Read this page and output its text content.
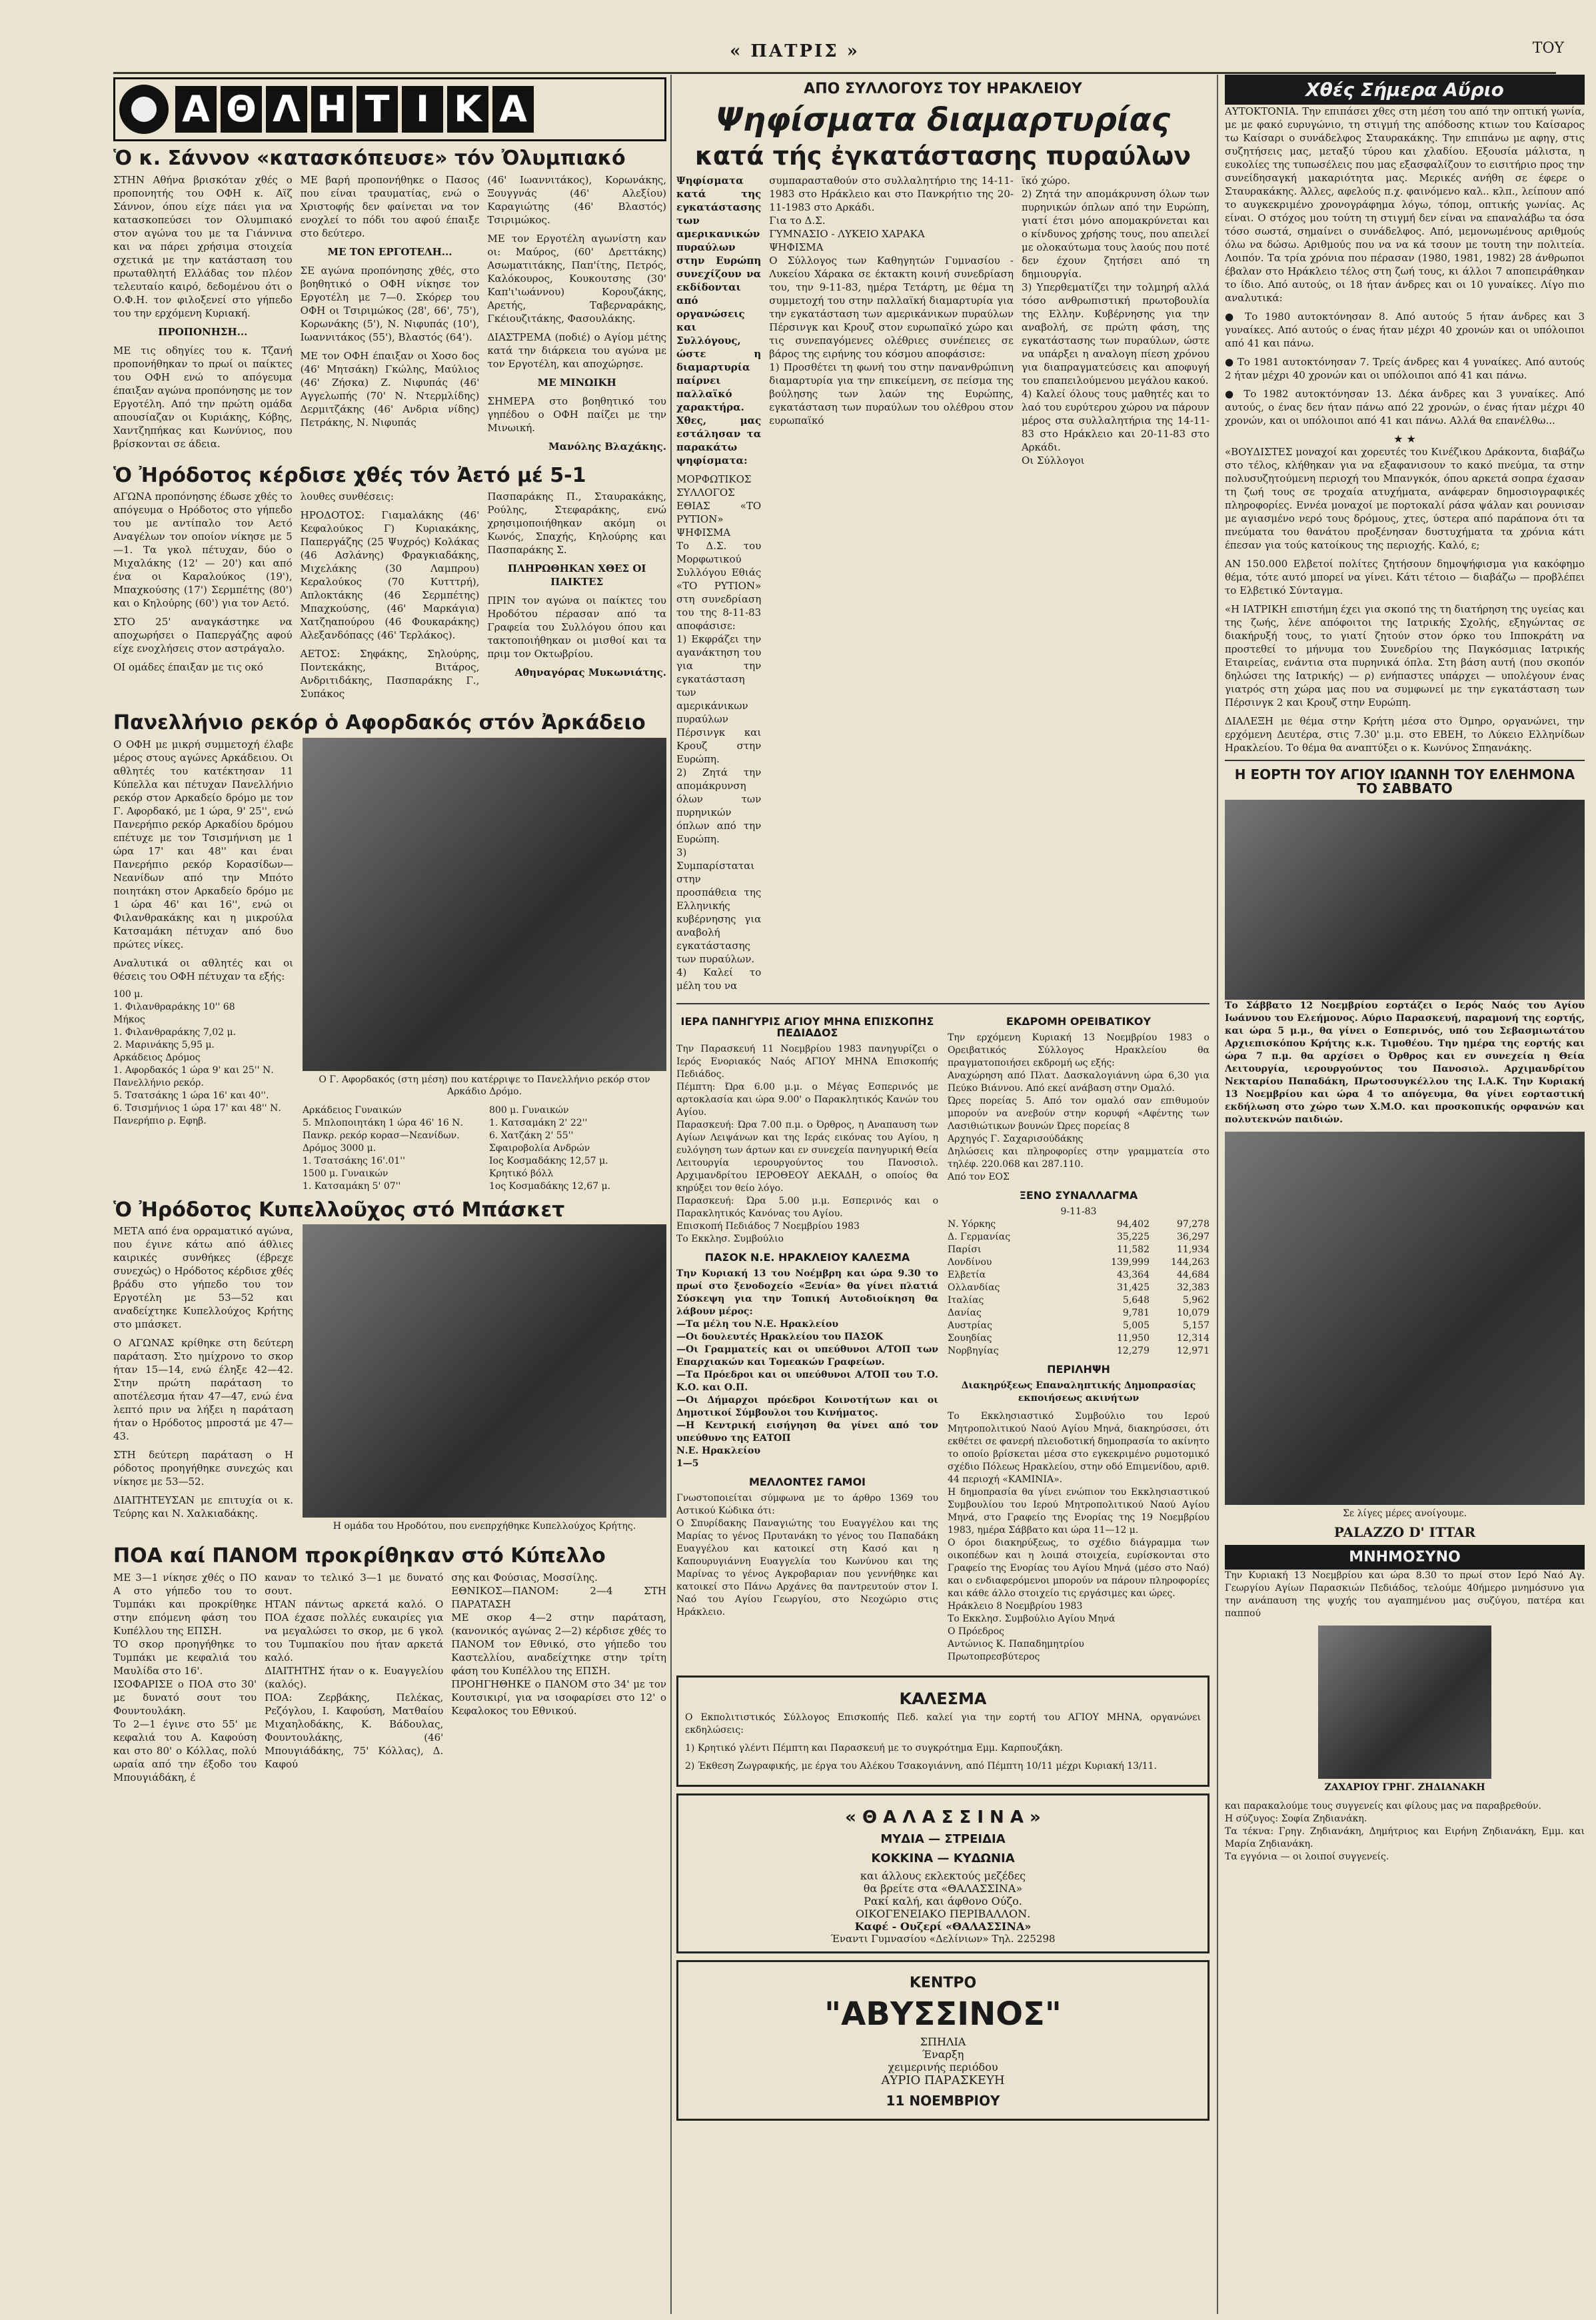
« ΠΑΤΡΙΣ »	ΤΟΥ
Α Θ Λ Η Τ Ι Κ Α
Ὁ κ. Σάννον «κατασκόπευσε» τόν Ὀλυμπιακό

ΣΤΗΝ Αθήνα βρισκόταν χθές ο προπονητής του ΟΦΗ κ. Αϊζ Σάννον, όπου είχε πάει για να κατασκοπεύσει τον Ολυμπιακό στον αγώνα του με τα Γιάννινα και να πάρει χρήσιμα στοιχεία σχετικά με την κατάσταση του πρωταθλητή Ελλάδας τον πλέον τελευταίο καιρό, δεδομένου ότι ο Ο.Φ.Η. τον φιλοξενεί στο γήπεδο του την ερχόμενη Κυριακή.

ΠΡΟΠΟΝΗΣΗ...

ΜΕ τις οδηγίες του κ. Τζανή προπονήθηκαν το πρωί οι παίκτες του ΟΦΗ ενώ το απόγευμα έπαιξαν αγώνα προπόνησης με τον Εργοτέλη. Από την πρώτη ομάδα απουσίαζαν οι Κυριάκης, Κόβης, Χαντζηπήκας και Κωνύνιος, που βρίσκονται σε άδεια.

ΜΕ βαρή προπονήθηκε ο Πασος που είναι τραυματίας, ενώ ο Χριστοφής δεν φαίνεται να τον ενοχλεί το πόδι του αφού έπαιξε στο δεύτερο.

ΜΕ ΤΟΝ ΕΡΓΟΤΕΛΗ...

ΣΕ αγώνα προπόνησης χθές, στο βοηθητικό ο ΟΦΗ νίκησε τον Εργοτέλη με 7—0. Σκόρερ του ΟΦΗ οι Τσιριμώκος (28', 66', 75'), Κορωνάκης (5'), Ν. Νιφυπάς (10'), Ιωαννιτάκος (55'), Βλαστός (64').

ΜΕ τον ΟΦΗ έπαιξαν οι Χοσο δος (46' Μητσάκη) Γκώλης, Μαύλιος (46' Ζήσκα) Ζ. Νιφυπάς (46' Αγγελωπής (70' Ν. Ντερμλίδης) Δερμιτζάκης (46' Ανδρια νίδης) Πετράκης, Ν. Νιφυπάς

(46' Ιωαννιτάκος), Κορωνάκης, Ξουγγνάς (46' Αλεξίου) Καραγιώτης (46' Βλαστός) Τσιριμώκος.

ΜΕ τον Εργοτέλη αγωνίστη καν οι: Μαύρος, (60' Δρεττάκης) Ασωματιτάκης, Παπ'ίτης, Πετρός, Καλόκουρος, Κουκουτσης (30' Καπ'ι'ιωάννου) Κορουζάκης, Αρετής, Ταβερναράκης, Γκέιουζιτάκης, Φασουλάκης.

ΔΙΑΣΤΡΕΜΑ (ποδιέ) ο Αγίομ μέτης κατά την διάρκεια του αγώνα με τον Εργοτέλη, και αποχώρησε.

ΜΕ ΜΙΝΩΙΚΗ

ΣΗΜΕΡΑ στο βοηθητικό του γηπέδου ο ΟΦΗ παίζει με την Μινωική.

Μανόλης Βλαχάκης.

Ὁ Ἠρόδοτος κέρδισε χθές τόν Ἀετό μέ 5-1

ΑΓΩΝΑ προπόνησης έδωσε χθές το απόγευμα ο Ηρόδοτος στο γήπεδο του με αντίπαλο τον Αετό Αναγέλων τον οποίον νίκησε με 5—1. Τα γκολ πέτυχαν, δύο ο Μιχαλάκης (12' — 20') και από ένα οι Καραλούκος (19'), Μπαχκούσης (17') Σερμπέτης (80') και ο Κηλούρης (60') για τον Αετό.

ΣΤΟ 25' αναγκάστηκε να αποχωρήσει ο Παπεργάζης αφού είχε ενοχλήσεις στον αστράγαλο.

ΟΙ ομάδες έπαιξαν με τις οκό

λουθες συνθέσεις:

ΗΡΟΔΟΤΟΣ: Γιαμαλάκης (46' Κεφαλούκος Γ) Κυριακάκης, Παπεργάζης (25 Ψυχρός) Κολάκας (46 Ασλάνης) Φραγκιαδάκης, Μιχελάκης (30 Λαμπρου) Κεραλούκος (70 Κυτττρή), Απλοκτάκης (46 Σερμπέτης) Μπαχκούσης, (46' Μαρκάγια) Χατζηαπούρου (46 Φουκαράκης) Αλεξανδόπαςς (46' Τερλάκος).

ΑΕΤΟΣ: Σηφάκης, Σηλούρης, Ποντεκάκης, Βιτάρος, Ανδριτιδάκης, Πασπαράκης Γ., Συπάκος

Πασπαράκης Π., Σταυρακάκης, Ρούλης, Στεφαράκης, ενώ χρησιμοποιήθηκαν ακόμη οι Κωνός, Σπαχής, Κηλούρης και Πασπαράκης Σ.

ΠΛΗΡΩΘΗΚΑΝ ΧΘΕΣ ΟΙ ΠΑΙΚΤΕΣ

ΠΡΙΝ τον αγώνα οι παίκτες του Ηροδότου πέρασαν από τα Γραφεία του Συλλόγου όπου και τακτοποιήθηκαν οι μισθοί και τα πριμ τον Οκτωβρίου.

Αθηναγόρας Μυκωνιάτης.

Πανελλήνιο ρεκόρ ὁ Αφορδακός στόν Ἀρκάδειο

Ο ΟΦΗ με μικρή συμμετοχή έλαβε μέρος στους αγώνες Αρκάδειου. Οι αθλητές του κατέκτησαν 11 Κύπελλα και πέτυχαν Πανελλήνιο ρεκόρ στον Αρκαδείο δρόμο με τον Γ. Αφορδακό, με 1 ώρα, 9' 25'', ενώ Πανερήπιο ρεκόρ Αρκαδίου δρόμου επέτυχε με τον Τσισμήνιση με 1 ώρα 17' και 48'' και έναι Πανερήπιο ρεκόρ Κορασίδων—Νεανίδων από την Μπότο ποιητάκη στον Αρκαδείο δρόμο με 1 ώρα 46' και 16'', ενώ οι Φιλανθρακάκης και η μικρούλα Κατσαμάκη πέτυχαν από δυο πρώτες νίκες.

Αναλυτικά οι αθλητές και οι θέσεις του ΟΦΗ πέτυχαν τα εξής:

100 μ.
1. Φιλανθραράκης 10'' 68
Μήκος
1. Φιλανθραράκης 7,02 μ.
2. Μαρινάκης 5,95 μ.
Αρκάδειος Δρόμος
1. Αφορδακός 1 ώρα 9' και 25'' Ν. Πανελλήνιο ρεκόρ.
5. Τσατσάκης 1 ώρα 16' και 40''.
6. Τσισμήνιος 1 ώρα 17' και 48'' Ν. Πανερήπιο ρ. Εφηβ.

Ο Γ. Αφορδακός (στη μέση) που κατέρριψε το Πανελλήνιο ρεκόρ στον Αρκάδιο Δρόμο.

Αρκάδειος Γυναικών
5. Μπλοποιητάκη 1 ώρα 46' 16 Ν. Πανκρ. ρεκόρ κορασ—Νεανίδων.
Δρόμος 3000 μ.
1. Τσατσάκης 16'.01''
1500 μ. Γυναικών
1. Κατσαμάκη 5' 07''
800 μ. Γυναικών
1. Κατσαμάκη 2' 22''
6. Χατζάκη 2' 55''
Σφαιροβολία Ανδρών
Ιος Κοσμαδάκης 12,57 μ.
Κρητικό βόλλ
1ος Κοσμαδάκης 12,67 μ.
Ὁ Ἠρόδοτος Κυπελλοῦχος στό Μπάσκετ

ΜΕΤΑ από ένα ορραματικό αγώνα, που έγινε κάτω από άθλιες καιρικές συνθήκες (έβρεχε συνεχώς) ο Ηρόδοτος κέρδισε χθές βράδυ στο γήπεδο του τον Εργοτέλη με 53—52 και αναδείχτηκε Κυπελλούχος Κρήτης στο μπάσκετ.

Ο ΑΓΩΝΑΣ κρίθηκε στη δεύτερη παράταση. Στο ημίχρονο το σκορ ήταν 15—14, ενώ έληξε 42—42. Στην πρώτη παράταση το αποτέλεσμα ήταν 47—47, ενώ ένα λεπτό πριν να λήξει η παράταση ήταν ο Ηρόδοτος μπροστά με 47—43.

ΣΤΗ δεύτερη παράταση ο Η ρόδοτος προηγήθηκε συνεχώς και νίκησε με 53—52.

ΔΙΑΙΤΗΤΕΥΣΑΝ με επιτυχία οι κ. Τεύρης και Ν. Χαλκιαδάκης.

Η ομάδα του Ηροδότου, που ενεπρχήθηκε Κυπελλούχος Κρήτης.

ΠΟΑ καί ΠΑΝΟΜ προκρίθηκαν στό Κύπελλο

ΜΕ 3—1 νίκησε χθές ο ΠΟ Α στο γήπεδο του το Τυμπάκι και προκρίθηκε στην επόμενη φάση του Κυπέλλου της ΕΠΣΗ.
ΤΟ σκορ προηγήθηκε το Τυμπάκι με κεφαλιά του Μαυλίδα στο 16'.
ΙΣΟΦΑΡΙΣΕ ο ΠΟΑ στο 30' με δυνατό σουτ του Φουντουλάκη.
Το 2—1 έγινε στο 55' με κεφαλιά του Α. Καφούση και στο 80' ο Κόλλας, πολύ ωραία από την έξοδο του Μπουγιάδάκη, έ

καναν το τελικό 3—1 με δυνατό σουτ.
ΗΤΑΝ πάντως αρκετά καλό. Ο ΠΟΑ έχασε πολλές ευκαιρίες για να μεγαλώσει το σκορ, με 6 γκολ του Τυμπακίου που ήταν αρκετά καλό.
ΔΙΑΙΤΗΤΗΣ ήταν ο κ. Ευαγγελίου (καλός).
ΠΟΑ: Ζερβάκης, Πελέκας, Ρεζόγλου, Ι. Καφούση, Ματθαίου Μιχαηλοδάκης, Κ. Βάδουλας, Φουντουλάκης, (46' Μπουγιάδάκης, 75' Κόλλας), Δ. Καφού

σης και Φούσιας, Μοσσίλης.
ΕΘΝΙΚΟΣ—ΠΑΝΟΜ: 2—4 ΣΤΗ ΠΑΡΑΤΑΣΗ
ΜΕ σκορ 4—2 στην παράταση, (κανονικός αγώνας 2—2) κέρδισε χθές το ΠΑΝΟΜ τον Εθνικό, στο γήπεδο του Καστελλίου, αναδείχτηκε στην τρίτη φάση του Κυπέλλου της ΕΠΣΗ.
ΠΡΟΗΓΗΘΗΚΕ ο ΠΑΝΟΜ στο 34' με τον Κουτσικιρί, για να ισοφαρίσει στο 12' ο Κεφαλοκος του Εθνικού.

ΑΠΟ ΣΥΛΛΟΓΟΥΣ ΤΟΥ ΗΡΑΚΛΕΙΟΥ
Ψηφίσματα διαμαρτυρίας
κατά τής ἐγκατάστασης πυραύλων

Ψηφίσματα κατά της εγκατάστασης των αμερικανικών πυραύλων στην Ευρώπη συνεχίζουν να εκδίδονται από οργανώσεις και Συλλόγους, ώστε η διαμαρτυρία παίρνει παλλαϊκό χαρακτήρα. Χθες, μας εστάλησαν τα παρακάτω ψηφίσματα:

ΜΟΡΦΩΤΙΚΟΣ ΣΥΛΛΟΓΟΣ ΕΘΙΑΣ «ΤΟ ΡΥΤΙΟΝ»
ΨΗΦΙΣΜΑ
Το Δ.Σ. του Μορφωτικού Συλλόγου Εθιάς «ΤΟ ΡΥΤΙΟΝ» στη συνεδρίαση του της 8-11-83 αποφάσισε:
1) Εκφράζει την αγανάκτηση του για την εγκατάσταση των αμερικάνικων πυραύλων Πέρσινγκ και Κρουζ στην Ευρώπη.
2) Ζητά την απομάκρυνση όλων των πυρηνικών όπλων από την Ευρώπη.
3) Συμπαρίσταται στην προσπάθεια της Ελληνικής κυβέρνησης για αναβολή εγκατάστασης των πυραύλων.
4) Καλεί το μέλη του να

συμπαρασταθούν στο συλλαλητήριο της 14-11-1983 στο Ηράκλειο και στο Πανκρήτιο της 20-11-1983 στο Αρκάδι.
Για το Δ.Σ.
ΓΥΜΝΑΣΙΟ - ΛΥΚΕΙΟ ΧΑΡΑΚΑ
ΨΗΦΙΣΜΑ
Ο Σύλλογος των Καθηγητών Γυμνασίου - Λυκείου Χάρακα σε έκτακτη κοινή συνεδρίαση του, την 9-11-83, ημέρα Τετάρτη, με θέμα τη συμμετοχή του στην παλλαϊκή διαμαρτυρία για την εγκατάσταση των αμερικάνικων πυραύλων Πέρσινγκ και Κρουζ στον ευρωπαϊκό χώρο και τις συνεπαγόμενες ολέθριες συνέπειες σε βάρος της ειρήνης του κόσμου αποφάσισε:
1) Προσθέτει τη φωνή του στην πανανθρώπινη διαμαρτυρία για την επικείμενη, σε πείσμα της βούλησης των λαών της Ευρώπης, εγκατάσταση των πυραύλων του ολέθρου στον ευρωπαϊκό

ϊκό χώρο.
2) Ζητά την απομάκρυνση όλων των πυρηνικών όπλων από την Ευρώπη, γιατί έτσι μόνο απομακρύνεται και ο κίνδυνος χρήσης τους, που απειλεί με ολοκαύτωμα τους λαούς που ποτέ δεν έχουν ζητήσει από τη δημιουργία.
3) Υπερθεματίζει την τολμηρή αλλά τόσο ανθρωπιστική πρωτοβουλία της Ελλην. Κυβέρνησης για την αναβολή, σε πρώτη φάση, της εγκατάστασης των πυραύλων, ώστε να υπάρξει η αναλογη πίεση χρόνου για διαπραγματεύσεις και αποφυγή του επαπειλούμενου μεγάλου κακού.
4) Καλεί όλους τους μαθητές και το λαό του ευρύτερου χώρου να πάρουν μέρος στα συλλαλητήρια της 14-11-83 στο Ηράκλειο και 20-11-83 στο Αρκάδι.
Οι Σύλλογοι

ΙΕΡΑ ΠΑΝΗΓΥΡΙΣ ΑΓΙΟΥ ΜΗΝΑ ΕΠΙΣΚΟΠΗΣ ΠΕΔΙΑΔΟΣ

Την Παρασκευή 11 Νοεμβρίου 1983 πανηγυρίζει ο Ιερός Ενοριακός Ναός ΑΓΙΟΥ ΜΗΝΑ Επισκοπής Πεδιάδος.
Πέμπτη: Ώρα 6.00 μ.μ. ο Μέγας Εσπερινός με αρτοκλασία και ώρα 9.00' ο Παρακλητικός Κανών του Αγίου.
Παρασκευή: Ώρα 7.00 π.μ. ο Όρθρος, η Αναπαυση των Αγίων Λειψάνων και της Ιεράς εικόνας του Αγίου, η ευλόγηση των άρτων και εν συνεχεία πανηγυρική Θεία Λειτουργία ιερουργούντος του Πανοσιολ. Αρχιμανδρίτου ΙΕΡΟΘΕΟΥ ΑΕΚΑΔΗ, ο οποίος θα κηρύξει τον θείο λόγο.
Παρασκευή: Ώρα 5.00 μ.μ. Εσπερινός και ο Παρακλητικός Κανόνας του Αγίου.
Επισκοπή Πεδιάδος 7 Νοεμβρίου 1983
Το Εκκλησ. Συμβούλιο

ΠΑΣΟΚ Ν.Ε. ΗΡΑΚΛΕΙΟΥ ΚΑΛΕΣΜΑ

Την Κυριακή 13 του Νοέμβρη και ώρα 9.30 το πρωί στο ξενοδοχείο «Ξενία» θα γίνει πλατιά Σύσκεψη για την Τοπική Αυτοδιοίκηση θα λάβουν μέρος:
—Τα μέλη του Ν.Ε. Ηρακλείου
—Οι δουλευτές Ηρακλείου του ΠΑΣΟΚ
—Οι Γραμματείς και οι υπεύθυνοι Α/ΤΟΠ των Επαρχιακών και Τομεακών Γραφείων.
—Τα Πρόεδροι και οι υπεύθυνοι Α/ΤΟΠ του Τ.Ο. Κ.Ο. και Ο.Π.
—Οι Δήμαρχοι πρόεδροι Κοινοτήτων και οι Δημοτικοί Σύμβουλοι του Κινήματος.
—Η Κεντρική εισήγηση θα γίνει από τον υπεύθυνο της ΕΑΤΟΠ
Ν.Ε. Ηρακλείου
1—5

ΜΕΛΛΟΝΤΕΣ ΓΑΜΟΙ

Γνωστοποιείται σύμφωνα με το άρθρο 1369 του Αστικού Κώδικα ότι:
Ο Σπυρίδακης Παναγιώτης του Ευαγγέλου και της Μαρίας το γένος Πρυτανάκη το γένος του Παπαδάκη Ευαγγέλου και κατοικεί στη Κασό και η Καπουρυγιάννη Ευαγγελία του Κωνύνου και της Μαρίνας το γένος Αγκροβαριαν που γεννήθηκε και κατοικεί στο Πάνω Αρχάνες θα παντρευτούν στον Ι. Ναό του Αγίου Γεωργίου, στο Νεοχώριο στις Ηράκλειο.

ΕΚΔΡΟΜΗ ΟΡΕΙΒΑΤΙΚΟΥ

Την ερχόμενη Κυριακή 13 Νοεμβρίου 1983 ο Ορειβατικός Σύλλογος Ηρακλείου θα πραγματοποιήσει εκδρομή ως εξής:
Αναχώρηση από Πλατ. Δασκαλογιάννη ώρα 6,30 για Πεύκο Βιάννου. Από εκεί ανάβαση στην Ομαλό.
Ώρες πορείας 5. Από τον ομαλό σαν επιθυμούν μπορούν να ανεβούν στην κορυφή «Αφέντης των Λασιθιώτικων βουνών Ώρες πορείας 8
Αρχηγός Γ. Σαχαρισούδάκης
Δηλώσεις και πληροφορίες στην γραμματεία στο τηλέφ. 220.068 και 287.110.
Από τον ΕΟΣ

ΞΕΝΟ ΣΥΝΑΛΛΑΓΜΑ
9-11-83
Ν. Υόρκης	94,402	97,278
Δ. Γερμανίας	35,225	36,297
Παρίσι	11,582	11,934
Λονδίνου	139,999	144,263
Ελβετία	43,364	44,684
Ολλανδίας	31,425	32,383
Ιταλίας	5,648	5,962
Δανίας	9,781	10,079
Αυστρίας	5,005	5,157
Σουηδίας	11,950	12,314
Νορβηγίας	12,279	12,971
ΠΕΡΙΛΗΨΗ

Διακηρύξεως Επαναληπτικής Δημοπρασίας εκποιήσεως ακινήτων

Το Εκκλησιαστικό Συμβούλιο του Ιερού Μητροπολιτικού Ναού Αγίου Μηνά, διακηρύσσει, ότι εκθέτει σε φανερή πλειοδοτική δημοπρασία το ακίνητο το οποίο βρίσκεται μέσα στο εγκεκριμένο ρυμοτομικό σχέδιο Πόλεως Ηρακλείου, στην οδό Επιμενίδου, αριθ. 44 περιοχή «ΚΑΜΙΝΙΑ».
Η δημοπρασία θα γίνει ενώπιον του Εκκλησιαστικού Συμβουλίου του Ιερού Μητροπολιτικού Ναού Αγίου Μηνά, στο Γραφείο της Ενορίας της 19 Νοεμβρίου 1983, ημέρα Σάββατο και ώρα 11—12 μ.
Ο όροι διακηρύξεως, το σχέδιο διάγραμμα των οικοπέδων και η λοιπά στοιχεία, ευρίσκονται στο Γραφείο της Ενορίας του Αγίου Μηνά (μέσο στο Ναό) και ο ενδιαφερόμενοι μπορούν να πάρουν πληροφορίες και κάθε άλλο στοιχείο τις εργάσιμες και ώρες.
Ηράκλειο 8 Νοεμβρίου 1983
Το Εκκλησ. Συμβούλιο Αγίου Μηνά
Ο Πρόεδρος
Αντώνιος Κ. Παπαδημητρίου
Πρωτοπρεσβύτερος

ΚΑΛΕΣΜΑ

Ο Εκπολιτιστικός Σύλλογος Επισκοπής Πεδ. καλεί για την εορτή του ΑΓΙΟΥ ΜΗΝΑ, οργανώνει εκδηλώσεις:

1) Κρητικό γλέντι Πέμπτη και Παρασκευή με το συγκρότημα Εμμ. Καρπουζάκη.

2) Έκθεση Ζωγραφικής, με έργα του Αλέκου Τσακογιάννη, από Πέμπτη 10/11 μέχρι Κυριακή 13/11.

« Θ Α Λ Α Σ Σ Ι Ν Α »
ΜΥΔΙΑ — ΣΤΡΕΙΔΙΑ
ΚΟΚΚΙΝΑ — ΚΥΔΩΝΙΑ
και άλλους εκλεκτούς μεζέδες
θα βρείτε στα «ΘΑΛΑΣΣΙΝΑ»
Ρακί καλή, και άφθονο Ούζο.
ΟΙΚΟΓΕΝΕΙΑΚΟ ΠΕΡΙΒΑΛΛΟΝ.
Καφέ - Ουζερί «ΘΑΛΑΣΣΙΝΑ»
Έναντι Γυμνασίου «Δελίνιων» Τηλ. 225298
ΚΕΝΤΡΟ
"ΑΒΥΣΣΙΝΟΣ"
ΣΠΗΛΙΑ
Έναρξη
χειμερινής περιόδου
ΑΥΡΙΟ ΠΑΡΑΣΚΕΥΗ
11 ΝΟΕΜΒΡΙΟΥ
Χθές Σήμερα Αὔριο

ΑΥΤΟΚΤΟΝΙΑ. Την επιπάσει χθες στη μέση του από την οπτική γωνία, με με φακό ευρυγώνιο, τη στιγμή της απόδοσης κτιων του Καίσαρος τω Καίσαρι ο συνάδελφος Σταυρακάκης. Την επιπάνω με αφηγ, στις συζητήσεις μας, μεταξύ τύρου και χλαδίου. Εξουσία μάλιστα, η ευκολίες της τυπωσέλεις που μας εξασφαλίζουν το εισιτήριο προς την συνείδησαγκή μακαριότητα μας. Μερικές ανήθη σε έφερε ο Σταυρακάκης. Άλλες, αφελούς π.χ. φαινόμενο καλ.. κλπ., λείπουν από το αυγκεκριμένο χρονογράφημα λόγω, τόπομ, οπτικής γωνίας. Ας είναι. Ο στόχος μου τούτη τη στιγμή δεν είναι να επαναλάβω τα όσα τόσο σωστά, σημαίνει ο συνάδελφος. Από, μεμονωμένους αριθμούς όλω να δώσω. Αριθμούς που να να κά τσουν με τουτη την πολιτεία. Λοιπόν. Τα τρία χρόνια που πέρασαν (1980, 1981, 1982) 28 άνθρωποι έβαλαν στο Ηράκλειο τέλος στη ζωή τους, κι άλλοι 7 αποπειράθηκαν το ίδιο. Από αυτούς, οι 18 ήταν άνδρες και οι 10 γυναίκες. Λίγο πιο αναλυτικά:

● Το 1980 αυτοκτόνησαν 8. Από αυτούς 5 ήταν άνδρες και 3 γυναίκες. Από αυτούς ο ένας ήταν μέχρι 40 χρονών και οι υπόλοιποι από 41 και πάνω.

● Το 1981 αυτοκτόνησαν 7. Τρείς άνδρες και 4 γυναίκες. Από αυτούς 2 ήταν μέχρι 40 χρονών και οι υπόλοιποι από 41 και πάνω.

● Το 1982 αυτοκτόνησαν 13. Δέκα άνδρες και 3 γυναίκες. Από αυτούς, ο ένας δεν ήταν πάνω από 22 χρονών, ο ένας ήταν μέχρι 40 χρονών, και οι υπόλοιποι από 41 και πάνω. Αλλά θα επανέλθω...

★ ★

«ΒΟΥΔΙΣΤΕΣ μοναχοί και χορευτές του Κινέζικου Δράκοντα, διαβάζω στο τέλος, κλήθηκαν για να εξαφανισουν το κακό πνεύμα, τα στην πολυσυζητούμενη περιοχή του Μπανγκόκ, όπου αρκετά σοπρα έχασαν τη ζωή τους σε τροχαία ατυχήματα, ανάφεραν δημοσιογραφικές πληροφορίες. Εννέα μοναχοί με πορτοκαλί ράσα ψάλαν και ρουνισαν με αγιασμένο νερό τους δρόμους, χτες, ύστερα από παράπονα ότι τα πνεύματα του θανάτου προξένησαν δυστυχήματα τα χρόνια κάτι έπεσαν για τούς κατοίκους της περιοχής. Καλό, ε;

ΑΝ 150.000 Ελβετοί πολίτες ζητήσουν δημοψήφισμα για κακόφημο θέμα, τότε αυτό μπορεί να γίνει. Κάτι τέτοιο — διαβάζω — προβλέπει το Ελβετικό Σύνταγμα.

«Η ΙΑΤΡΙΚΗ επιστήμη έχει για σκοπό της τη διατήρηση της υγείας και της ζωής, λένε απόφοιτοι της Ιατρικής Σχολής, εξηγώντας σε διακήρυξή τους, το γιατί ζητούν στον όρκο του Ιπποκράτη να προστεθεί το μήνυμα του Συνεδρίου της Παγκόσμιας Ιατρικής Εταιρείας, ενάντια στα πυρηνικά όπλα. Στη βάση αυτή (που σκοπόν δηλώσει της Ιατρικής) — ρ) ενήπαστες υπάρχει — υπολέγουν ένας γιατρός στη χώρα μας που να συμφωνεί με την εγκατάσταση των Πέρσινγκ 2 και Κρουζ στην Ευρώπη.

ΔΙΑΛΕΞΗ με θέμα στην Κρήτη μέσα στο Όμηρο, οργανώνει, την ερχόμενη Δευτέρα, στις 7.30' μ.μ. στο ΕΒΕΗ, το Λύκειο Ελληνίδων Ηρακλείου. Το θέμα θα αναπτύξει ο κ. Κωνύνος Σπηανάκης.

Η ΕΟΡΤΗ ΤΟΥ ΑΓΙΟΥ ΙΩΑΝΝΗ ΤΟΥ ΕΛΕΗΜΟΝΑ ΤΟ ΣΑΒΒΑΤΟ

Το Σάββατο 12 Νοεμβρίου εορτάζει ο Ιερός Ναός του Αγίου Ιωάννου του Ελεήμονος. Αύριο Παρασκευή, παραμονή της εορτής, και ώρα 5 μ.μ., θα γίνει ο Εσπερινός, υπό του Σεβασμιωτάτου Αρχιεπισκόπου Κρήτης κ.κ. Τιμοθέου. Την ημέρα της εορτής και ώρα 7 π.μ. θα αρχίσει ο Όρθρος και εν συνεχεία η Θεία Λειτουργία, ιερουργούντος του Πανοσιολ. Αρχιμανδρίτου Νεκταρίου Παπαδάκη, Πρωτοσυγκέλλου της Ι.Α.Κ. Την Κυριακή 13 Νοεμβρίου και ώρα 4 το απόγευμα, θα γίνει εορταστική εκδήλωση στο χώρο των Χ.Μ.Ο. και προσκοπικής ορφανών και πολυτεκνών παιδιών.

Σε λίγες μέρες ανοίγουμε.

PALAZZO D' ITTAR

ΜΝΗΜΟΣΥΝΟ

Την Κυριακή 13 Νοεμβρίου και ώρα 8.30 το πρωί στον Ιερό Ναό Αγ. Γεωργίου Αγίων Παρασκιών Πεδιάδος, τελούμε 40ήμερο μνημόσυνο για την ανάπαυση της ψυχής του αγαπημένου μας συζύγου, πατέρα και παππού

ΖΑΧΑΡΙΟΥ ΓΡΗΓ. ΖΗΔΙΑΝΑΚΗ

και παρακαλούμε τους συγγενείς και φίλους μας να παραβρεθούν.
Η σύζυγος: Σοφία Ζηδιανάκη.
Τα τέκνα: Γρηγ. Ζηδιανάκη, Δημήτριος και Ειρήνη Ζηδιανάκη, Εμμ. και Μαρία Ζηδιανάκη.
Τα εγγόνια — οι λοιποί συγγενείς.
